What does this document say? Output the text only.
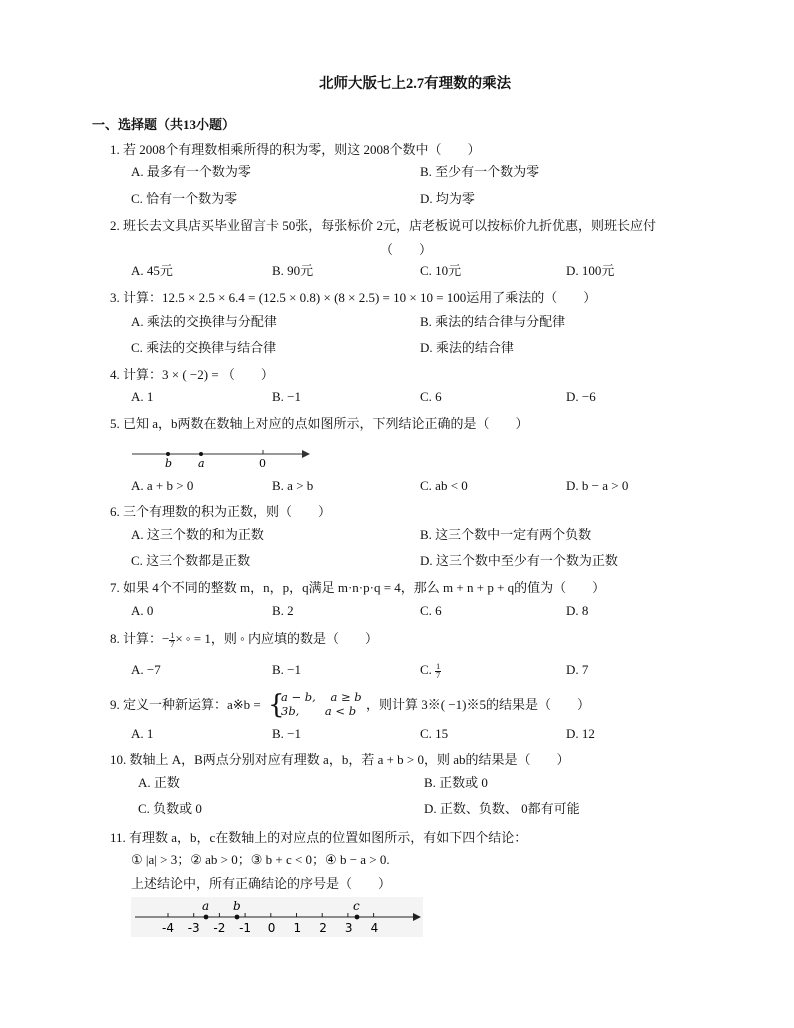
北师大版七上2.7有理数的乘法
一、选择题（共13小题）
1. 若 2008个有理数相乘所得的积为零，则这 2008个数中（　　）
A. 最多有一个数为零	B. 至少有一个数为零
C. 恰有一个数为零	D. 均为零
2. 班长去文具店买毕业留言卡 50张，每张标价 2元，店老板说可以按标价九折优惠，则班长应付
（　　）
A. 45元	B. 90元	C. 10元	D. 100元
3. 计算：12.5 × 2.5 × 6.4 = (12.5 × 0.8) × (8 × 2.5) = 10 × 10 = 100运用了乘法的（　　）
A. 乘法的交换律与分配律	B. 乘法的结合律与分配律
C. 乘法的交换律与结合律	D. 乘法的结合律
4. 计算：3 × ( −2) = （　　）
A. 1	B. −1	C. 6	D. −6
5. 已知 a，b两数在数轴上对应的点如图所示，下列结论正确的是（　　）
b a	0
A. a + b > 0	B. a > b	C. ab < 0	D. b − a > 0
6. 三个有理数的积为正数，则（　　）
A. 这三个数的和为正数	B. 这三个数中一定有两个负数
C. 这三个数都是正数	D. 这三个数中至少有一个数为正数
7. 如果 4个不同的整数 m，n，p，q满足 m·n·p·q = 4，那么 m + n + p + q的值为（　　）
A. 0	B. 2	C. 6	D. 8
8. 计算：− $\frac{1}{7}$ × ◦ = 1，则 ◦ 内应填的数是（　　）
A. −7	B. −1	C. $\frac{1}{7}$	D. 7
9. 定义一种新运算：a※b = {
a − b,    a ≥ b
3b,       a < b ，则计算 3※( −1)※5的结果是（　　）
A. 1	B. −1	C. 15	D. 12
10. 数轴上 A，B两点分别对应有理数 a，b，若 a + b > 0，则 ab的结果是（　　）
A. 正数	B. 正数或 0
C. 负数或 0	D. 正数、负数、 0都有可能
11. 有理数 a，b，c在数轴上的对应点的位置如图所示，有如下四个结论：
① |a| > 3；② ab > 0；③ b + c < 0；④ b − a > 0.
上述结论中，所有正确结论的序号是（　　）
-4 -3 -2 -1 0 1 2 3 4
a b	c
